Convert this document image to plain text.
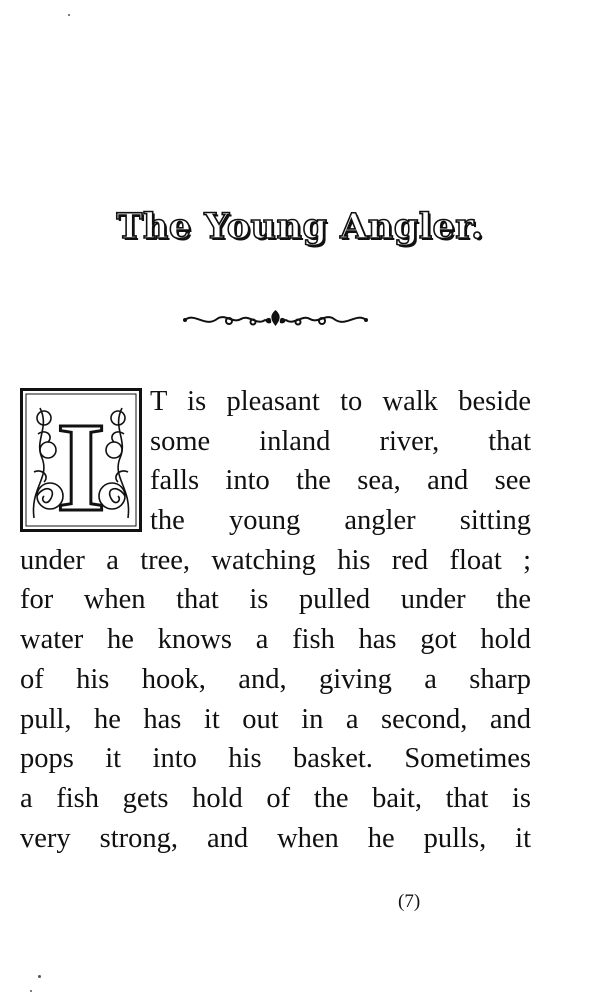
The Young Angler.
I	T is pleasant to walk beside
some inland river, that
falls into the sea, and see
the young angler sitting
under a tree, watching his red float ;
for when that is pulled under the
water he knows a fish has got hold
of his hook, and, giving a sharp
pull, he has it out in a second, and
pops it into his basket. Sometimes
a fish gets hold of the bait, that is
very strong, and when he pulls, it

(7)
